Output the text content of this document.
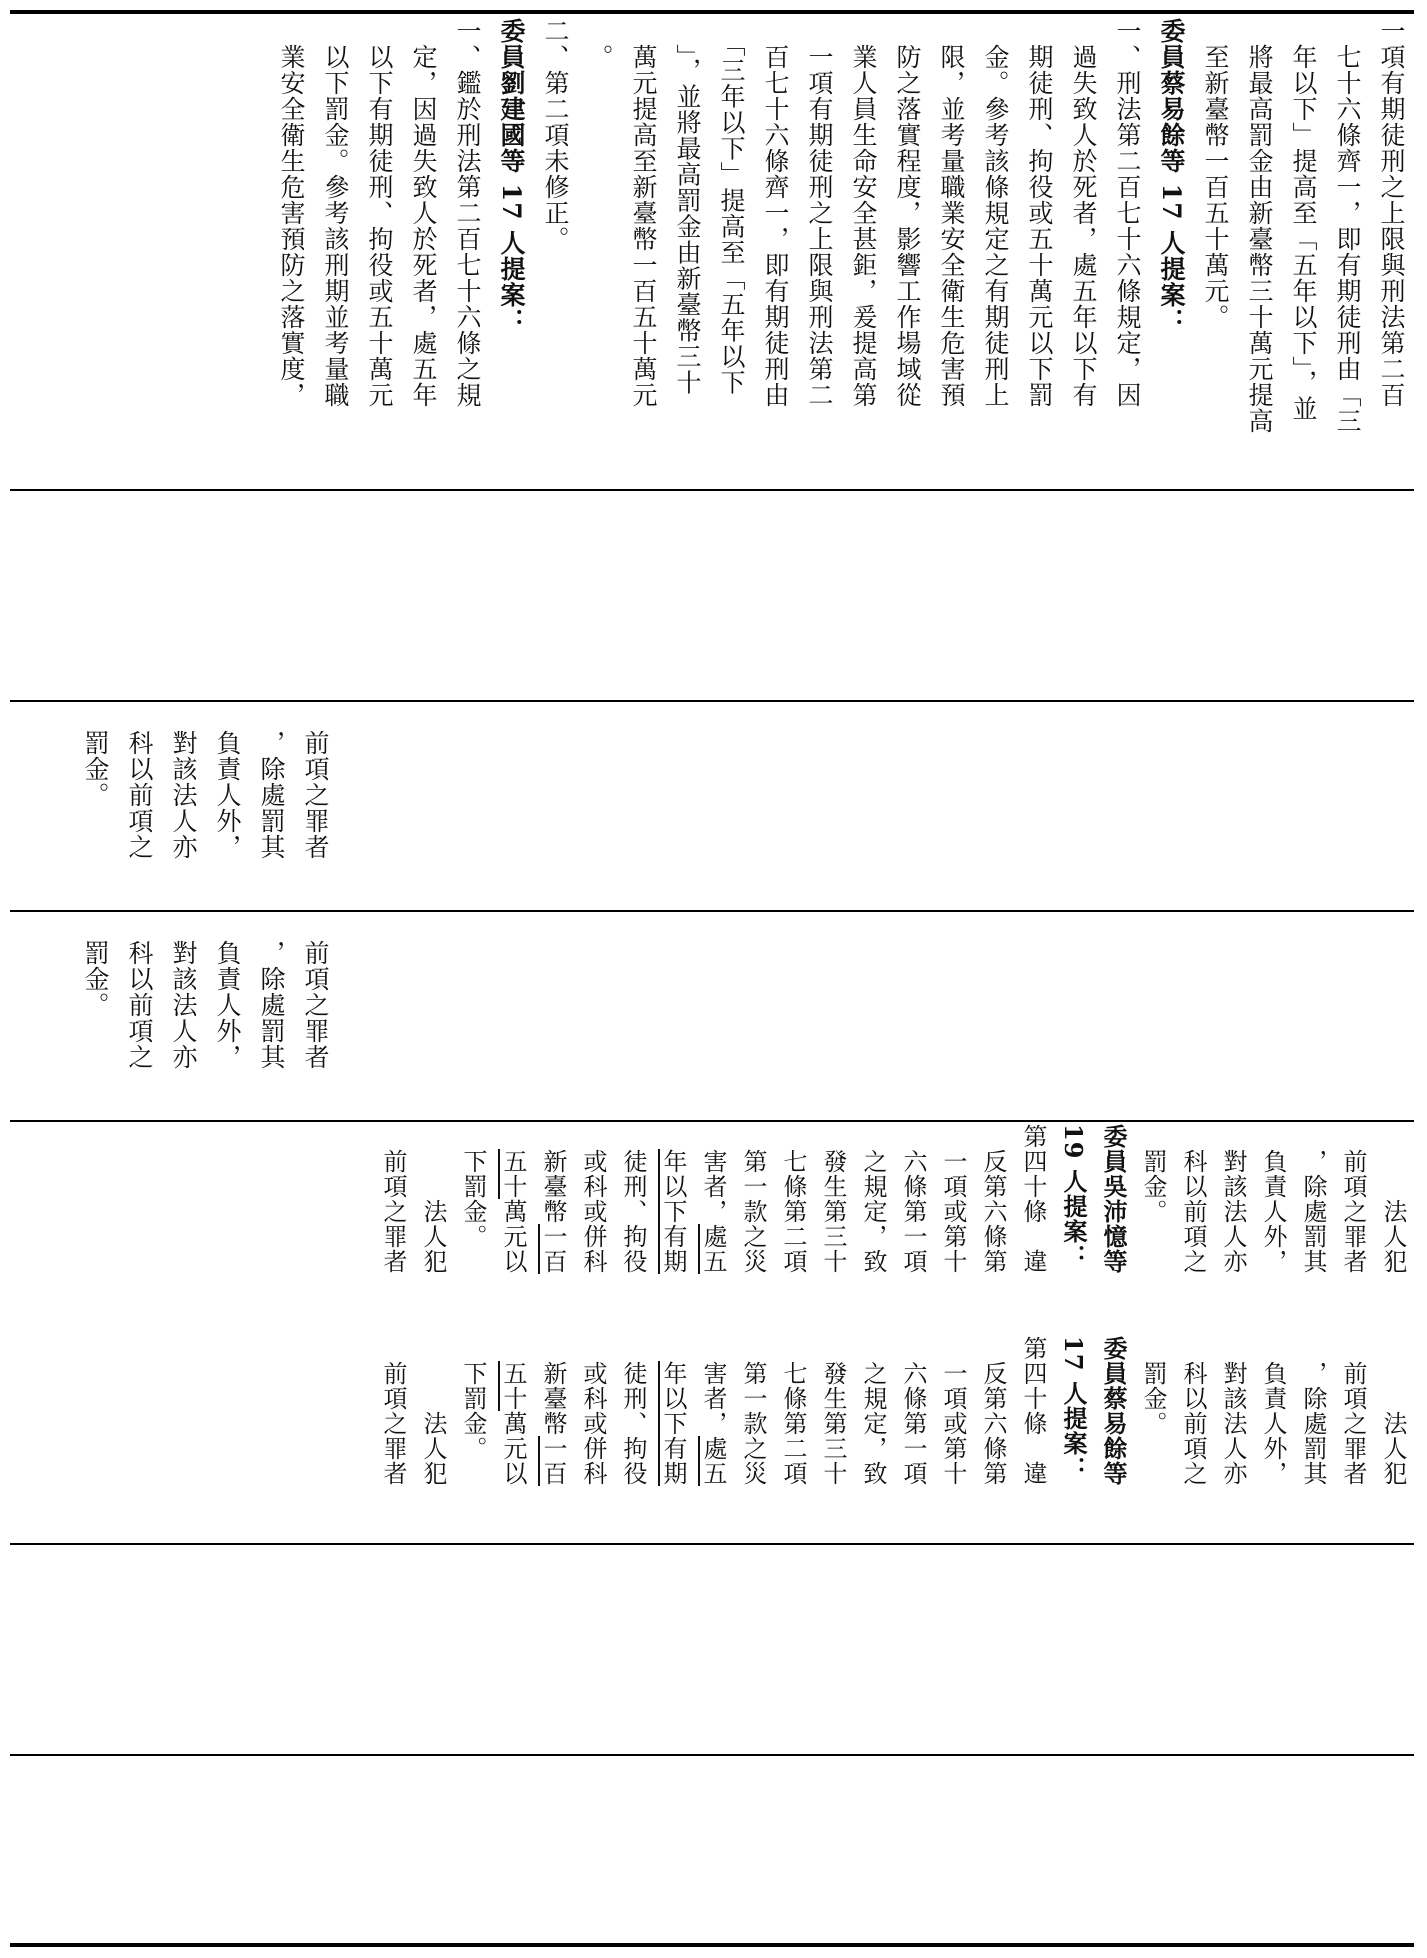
一項有期徒刑之上限與刑法第二百
　七十六條齊一，即有期徒刑由「三
　年以下」提高至「五年以下」，並
　將最高罰金由新臺幣三十萬元提高
　至新臺幣一百五十萬元。
委員蔡易餘等 17 人提案：
一、刑法第二百七十六條規定，因
　過失致人於死者，處五年以下有
　期徒刑、拘役或五十萬元以下罰
　金。參考該條規定之有期徒刑上
　限，並考量職業安全衛生危害預
　防之落實程度，影響工作場域從
　業人員生命安全甚鉅，爰提高第
　一項有期徒刑之上限與刑法第二
　百七十六條齊一，即有期徒刑由
　「三年以下」提高至「五年以下
　」，並將最高罰金由新臺幣三十
　萬元提高至新臺幣一百五十萬元
　。
二、第二項未修正。
委員劉建國等 17 人提案：
一、鑑於刑法第二百七十六條之規
　定，因過失致人於死者，處五年
　以下有期徒刑、拘役或五十萬元
　以下罰金。參考該刑期並考量職
　業安全衛生危害預防之落實度，
　前項之罪者
　，除處罰其
　負責人外，
　對該法人亦
　科以前項之
　罰金。
　前項之罪者
　，除處罰其
　負責人外，
　對該法人亦
　科以前項之
　罰金。
　　　法人犯
　前項之罪者
　，除處罰其
　負責人外，
　對該法人亦
　科以前項之
　罰金。
委員吳沛憶等
19 人提案：
第四十條　違
　反第六條第
　一項或第十
　六條第一項
　之規定，致
　發生第三十
　七條第二項
　第一款之災
　害者，處五
　年以下有期
　徒刑、拘役
　或科或併科
　新臺幣一百
　五十萬元以
　下罰金。
　　　法人犯
　前項之罪者
　　　法人犯
　前項之罪者
　，除處罰其
　負責人外，
　對該法人亦
　科以前項之
　罰金。
委員蔡易餘等
17 人提案：
第四十條　違
　反第六條第
　一項或第十
　六條第一項
　之規定，致
　發生第三十
　七條第二項
　第一款之災
　害者，處五
　年以下有期
　徒刑、拘役
　或科或併科
　新臺幣一百
　五十萬元以
　下罰金。
　　　法人犯
　前項之罪者
